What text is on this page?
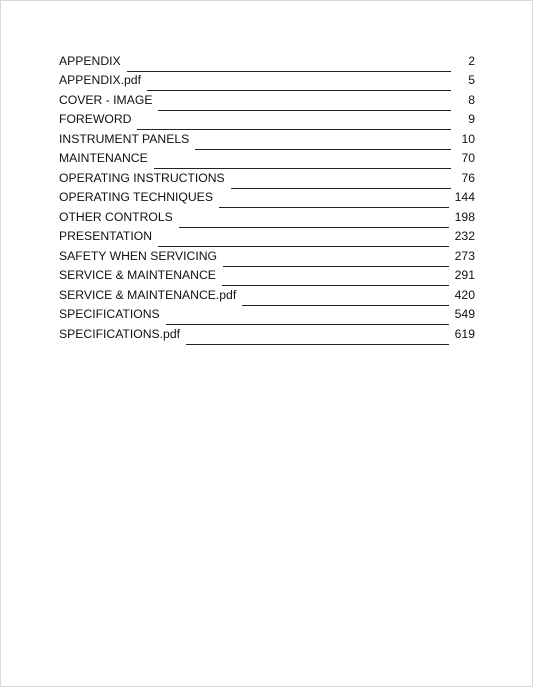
APPENDIX	2
APPENDIX.pdf	5
COVER - IMAGE	8
FOREWORD	9
INSTRUMENT PANELS	10
MAINTENANCE	70
OPERATING INSTRUCTIONS	76
OPERATING TECHNIQUES	144
OTHER CONTROLS	198
PRESENTATION	232
SAFETY WHEN SERVICING	273
SERVICE & MAINTENANCE	291
SERVICE & MAINTENANCE.pdf	420
SPECIFICATIONS	549
SPECIFICATIONS.pdf	619
